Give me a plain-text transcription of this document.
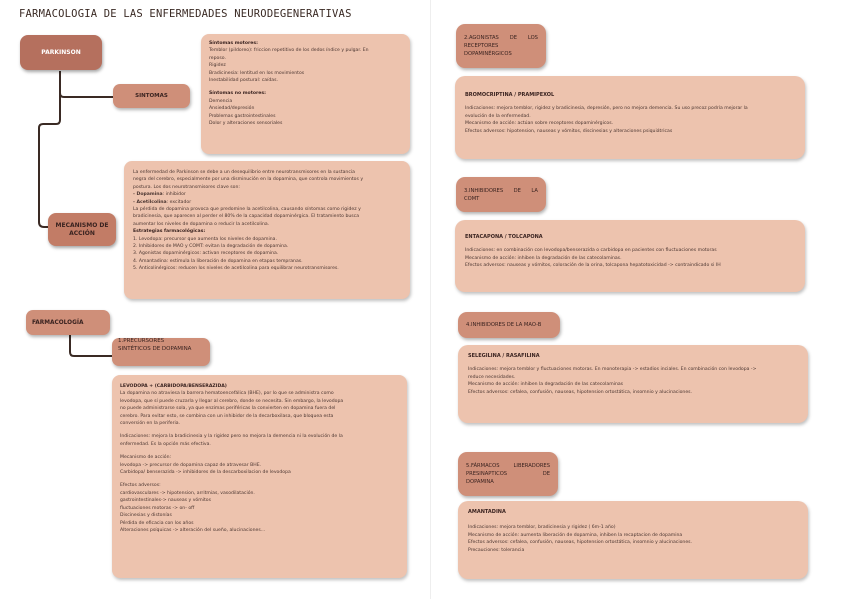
FARMACOLOGIA DE LAS ENFERMEDADES NEURODEGENERATIVAS
PARKINSON
SINTOMAS

Síntomas motores:

Temblor (pildoreo): friccion repetitivo de los dedos índice y pulgar. En

reposo.

Rigidez

Bradicinesia: lentitud en los movimientos

Inestabilidad postural: caídas.

Síntomas no motores:

Demencia

Ansiedad/depresión

Problemas gastrointestinales

Dolor y alteraciones sensoriales

MECANISMO DE
ACCIÓN

La enfermedad de Parkinson se debe a un desequilibrio entre neurotransmisores en la sustancia

negra del cerebro, especialmente por una disminución en la dopamina, que controla movimientos y

postura. Los dos neurotransmisores clave son:

- Dopamina: inhibidor

- Acetilcolina: excitador

La pérdida de dopamina provoca que predomine la acetilcolina, causando síntomas como rigidez y

bradicinesia, que aparecen al perder el 80% de la capacidad dopaminérgica. El tratamiento busca

aumentar los niveles de dopamina o reducir la acetilcolina.

Estrategias farmacológicas:

1. Levodopa: precursor que aumenta los niveles de dopamina.

2. Inhibidores de MAO y COMT: evitan la degradación de dopamina.

3. Agonistas dopaminérgicos: activan receptores de dopamina.

4. Amantadina: estimula la liberación de dopamina en etapas tempranas.

5. Anticolinérgicos: reducen los niveles de acetilcolina para equilibrar neurotransmisores.

FARMACOLOGÍA
1.PRECURSORES
SINTÉTICOS DE DOPAMINA

LEVODOPA + (CARBIDOPA/BENSERAZIDA)

La dopamina no atraviesa la barrera hematoencefálica (BHE), por lo que se administra como

levodopa, que sí puede cruzarla y llegar al cerebro, donde se necesita. Sin embargo, la levodopa

no puede administrarse sola, ya que enzimas periféricas la convierten en dopamina fuera del

cerebro. Para evitar esto, se combina con un inhibidor de la decarboxilasa, que bloquea esta

conversión en la periferia.

Indicaciones: mejora la bradicinesia y la rigidez pero no mejora la demencia ni la evolución de la

enfermedad. Es la opción más efectiva.

Mecanismo de acción:

levodopa -> precursor de dopamina capaz de atravesar BHE.

Carbidopa/ benserazida -> inhibidores de la descarboxilacion de levodopa

Efectos adversos:

cardiovasculares -> hipotension, arritmias, vasodilatación.

gastrointestinales-> nauseas y vómitos

fluctuaciones motoras -> on- off

Discinesias y distonías

Pérdida de eficacia con los años

Alteraciones psíquicas -> alteración del sueño, alucinaciones...

2.AGONISTAS DE LOS
RECEPTORES
DOPAMINÉRGICOS

BROMOCRIPTINA / PRAMIPEXOL

Indicaciones: mejora temblor, rigidez y bradicinesia, depresión, pero no mejora demencia. Su uso precoz podría mejorar la

evolución de la enfermedad.

Mecanismo de acción: actúan sobre receptores dopaminérgicos.

Efectos adversos: hipotension, nauseas y vómitos, discinesias y alteraciones psiquiátricas

3.INHIBIDORES DE LA
COMT

ENTACAPONA / TOLCAPONA

Indicaciones: en combinación con levodopa/benserazida o carbidopa en pacientes con fluctuaciones motoras

Mecanismo de acción: inhiben la degradación de las catecolaminas.

Efectos adversos: nauseas y vómitos, coloración de la orina, tolcapona hepatotoxicidad -> contraindicado si IH

4.INHIBIDORES DE LA MAO-B

SELEGILINA / RASAFILINA

Indicaciones: mejora temblor y fluctuaciones motoras. En monoterapia -> estadios inciales. En combinación con levodopa ->

reduce necesidades.

Mecanismo de acción: inhiben la degradación de las catecolaminas

Efectos adversos: cefalea, confusión, nauseas, hipotension ortostática, insomnio y alucinaciones.

5.FÁRMACOS	LIBERADORES
PRESINAPTICOS	DE
DOPAMINA

AMANTADINA

Indicaciones: mejora temblor, bradicinesia y rigidez ( 6m-1 año)

Mecanismo de acción: aumenta liberación de dopamina, inhiben la recaptacion de dopamina

Efectos adversos: cefalea, confusión, nauseas, hipotension ortostática, insomnio y alucinaciones.

Precauciones: tolerancia
